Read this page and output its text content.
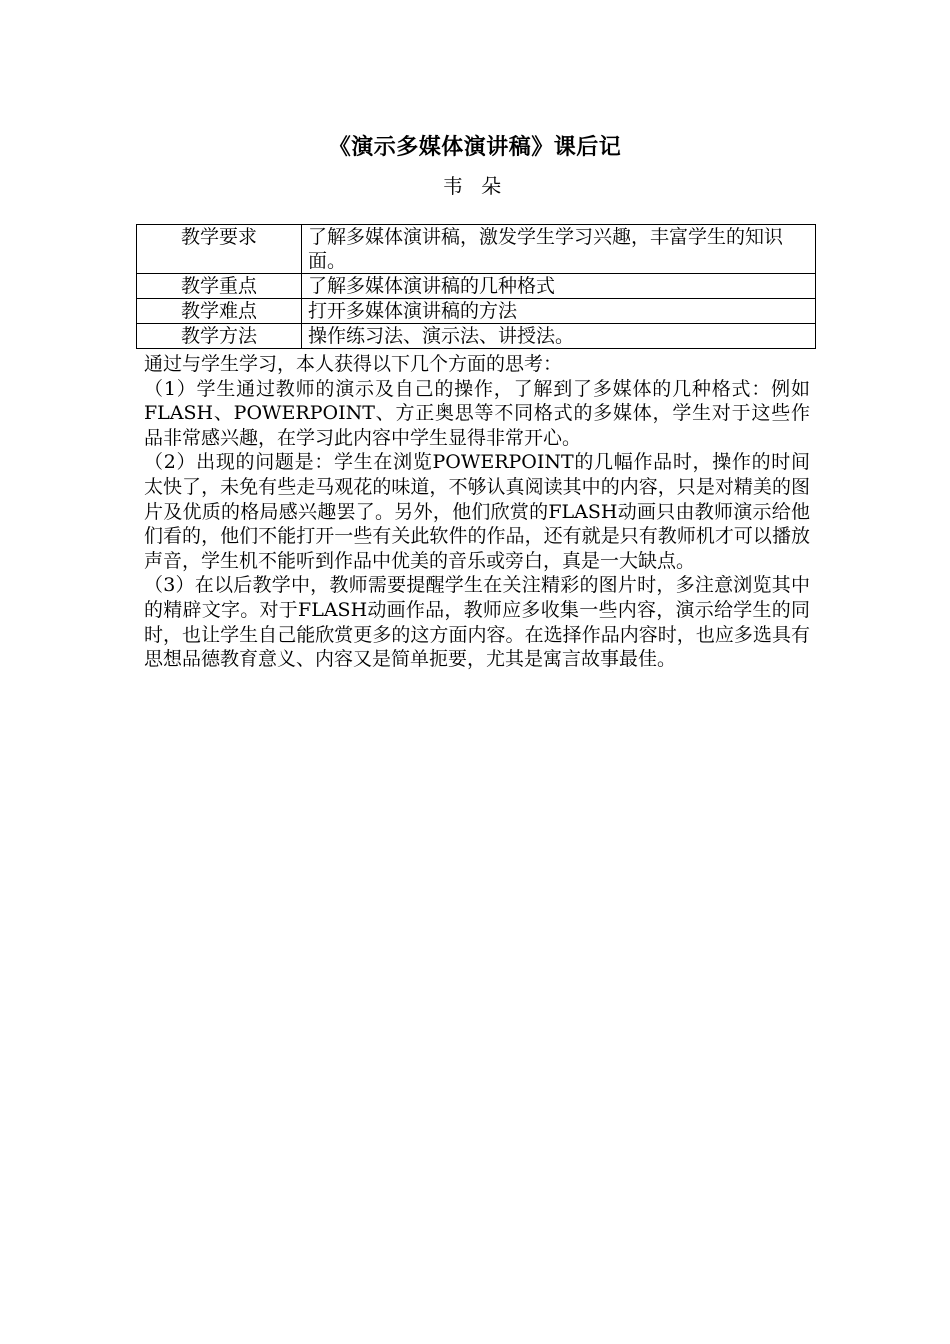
《演示多媒体演讲稿》课后记
韦 朵
教学要求	了解多媒体演讲稿，激发学生学习兴趣，丰富学生的知识面。
教学重点	了解多媒体演讲稿的几种格式
教学难点	打开多媒体演讲稿的方法
教学方法	操作练习法、演示法、讲授法。

通过与学生学习，本人获得以下几个方面的思考：

（1）学生通过教师的演示及自己的操作，了解到了多媒体的几种格式：例如FLASH、POWERPOINT、方正奥思等不同格式的多媒体，学生对于这些作品非常感兴趣，在学习此内容中学生显得非常开心。

（2）出现的问题是：学生在浏览POWERPOINT的几幅作品时，操作的时间太快了，未免有些走马观花的味道，不够认真阅读其中的内容，只是对精美的图片及优质的格局感兴趣罢了。另外，他们欣赏的FLASH动画只由教师演示给他们看的，他们不能打开一些有关此软件的作品，还有就是只有教师机才可以播放声音，学生机不能听到作品中优美的音乐或旁白，真是一大缺点。

（3）在以后教学中，教师需要提醒学生在关注精彩的图片时，多注意浏览其中的精辟文字。对于FLASH动画作品，教师应多收集一些内容，演示给学生的同时，也让学生自己能欣赏更多的这方面内容。在选择作品内容时，也应多选具有思想品德教育意义、内容又是简单扼要，尤其是寓言故事最佳。
